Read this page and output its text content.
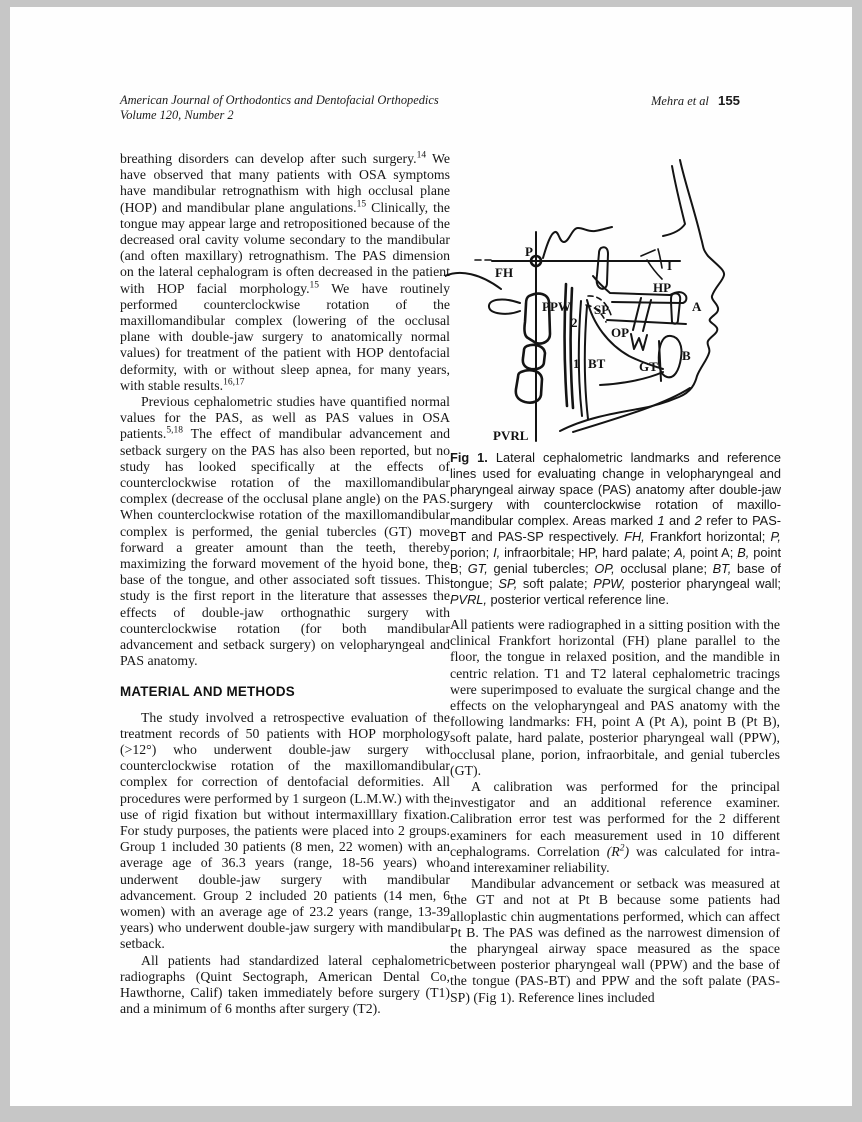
American Journal of Orthodontics and Dentofacial Orthopedics
Volume 120, Number 2
Mehra et al 155

breathing disorders can develop after such surgery.$^{14}$ We have observed that many patients with OSA symptoms have mandibular retrognathism with high occlusal plane (HOP) and mandibular plane angulations.$^{15}$ Clinically, the tongue may appear large and retropositioned because of the decreased oral cavity volume secondary to the mandibular (and often maxillary) retrognathism. The PAS dimension on the lateral cephalogram is often decreased in the patient with HOP facial morphology.$^{15}$ We have routinely performed counterclockwise rotation of the maxillomandibular complex (lowering of the occlusal plane with double-jaw surgery to anatomically normal values) for treatment of the patient with HOP dentofacial deformity, with or without sleep apnea, for many years, with stable results.$^{16,17}$

Previous cephalometric studies have quantified normal values for the PAS, as well as PAS values in OSA patients.$^{5,18}$ The effect of mandibular advancement and setback surgery on the PAS has also been reported, but no study has looked specifically at the effects of counterclockwise rotation of the maxillomandibular complex (decrease of the occlusal plane angle) on the PAS. When counterclockwise rotation of the maxillomandibular complex is performed, the genial tubercles (GT) move forward a greater amount than the teeth, thereby maximizing the forward movement of the hyoid bone, the base of the tongue, and other associated soft tissues. This study is the first report in the literature that assesses the effects of double-jaw orthognathic surgery with counterclockwise rotation (for both mandibular advancement and setback surgery) on velopharyngeal and PAS anatomy.

MATERIAL AND METHODS

The study involved a retrospective evaluation of the treatment records of 50 patients with HOP morphology (>12°) who underwent double-jaw surgery with counterclockwise rotation of the maxillomandibular complex for correction of dentofacial deformities. All procedures were performed by 1 surgeon (L.M.W.) with the use of rigid fixation but without intermaxilllary fixation. For study purposes, the patients were placed into 2 groups. Group 1 included 30 patients (8 men, 22 women) with an average age of 36.3 years (range, 18-56 years) who underwent double-jaw surgery with mandibular advancement. Group 2 included 20 patients (14 men, 6 women) with an average age of 23.2 years (range, 13-39 years) who underwent double-jaw surgery with mandibular setback.

All patients had standardized lateral cephalometric radiographs (Quint Sectograph, American Dental Co, Hawthorne, Calif) taken immediately before surgery (T1) and a minimum of 6 months after surgery (T2).

P
FH	I
HP
A
PPW SP
2
OP
1 BT	GT
B
PVRL

Fig 1. Lateral cephalometric landmarks and reference lines used for evaluating change in velopharyngeal and pharyngeal airway space (PAS) anatomy after double-jaw surgery with counterclockwise rotation of maxillo-mandibular complex. Areas marked 1 and 2 refer to PAS-BT and PAS-SP respectively. FH, Frankfort horizontal; P, porion; I, infraorbitale; HP, hard palate; A, point A; B, point B; GT, genial tubercles; OP, occlusal plane; BT, base of tongue; SP, soft palate; PPW, posterior pharyngeal wall; PVRL, posterior vertical reference line.

All patients were radiographed in a sitting position with the clinical Frankfort horizontal (FH) plane parallel to the floor, the tongue in relaxed position, and the mandible in centric relation. T1 and T2 lateral cephalometric tracings were superimposed to evaluate the surgical change and the effects on the velopharyngeal and PAS anatomy with the following landmarks: FH, point A (Pt A), point B (Pt B), soft palate, hard palate, posterior pharyngeal wall (PPW), occlusal plane, porion, infraorbitale, and genial tubercles (GT).

A calibration was performed for the principal investigator and an additional reference examiner. Calibration error test was performed for the 2 different examiners for each measurement used in 10 different cephalograms. Correlation $(R^2)$ was calculated for intra- and interexaminer reliability.

Mandibular advancement or setback was measured at the GT and not at Pt B because some patients had alloplastic chin augmentations performed, which can affect Pt B. The PAS was defined as the narrowest dimension of the pharyngeal airway space measured as the space between posterior pharyngeal wall (PPW) and the base of the tongue (PAS-BT) and PPW and the soft palate (PAS-SP) (Fig 1). Reference lines included
